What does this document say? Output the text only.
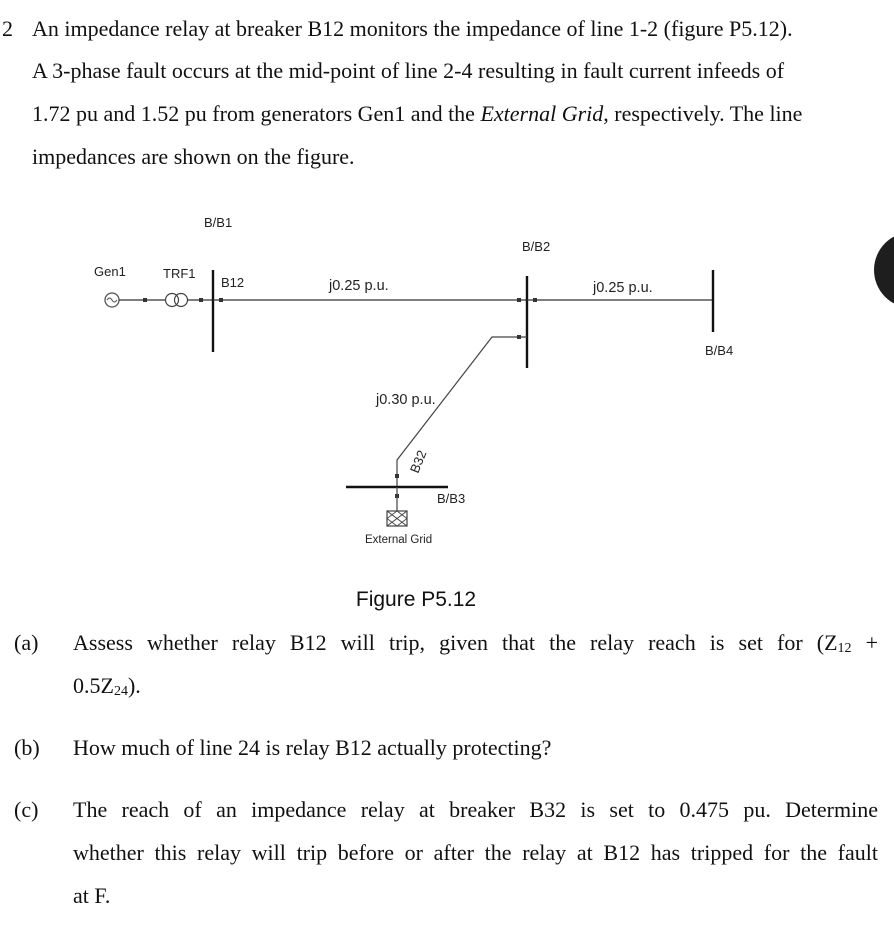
2 An impedance relay at breaker B12 monitors the impedance of line 1-2 (figure P5.12).
A 3-phase fault occurs at the mid-point of line 2-4 resulting in fault current infeeds of
1.72 pu and 1.52 pu from generators Gen1 and the External Grid, respectively. The line
impedances are shown on the figure.
Gen1	TRF1
B/B1
B12	j0.25 p.u.
B/B2
j0.25 p.u.
B/B4
j0.30 p.u.
B32
B/B3
External Grid
Figure P5.12
(a) Assess whether relay B12 will trip, given that the relay reach is set for ($Z_{12}$ +
$0.5Z_{24}$).
(b) How much of line 24 is relay B12 actually protecting?
(c) The reach of an impedance relay at breaker B32 is set to 0.475 pu. Determine
whether this relay will trip before or after the relay at B12 has tripped for the fault
at F.
